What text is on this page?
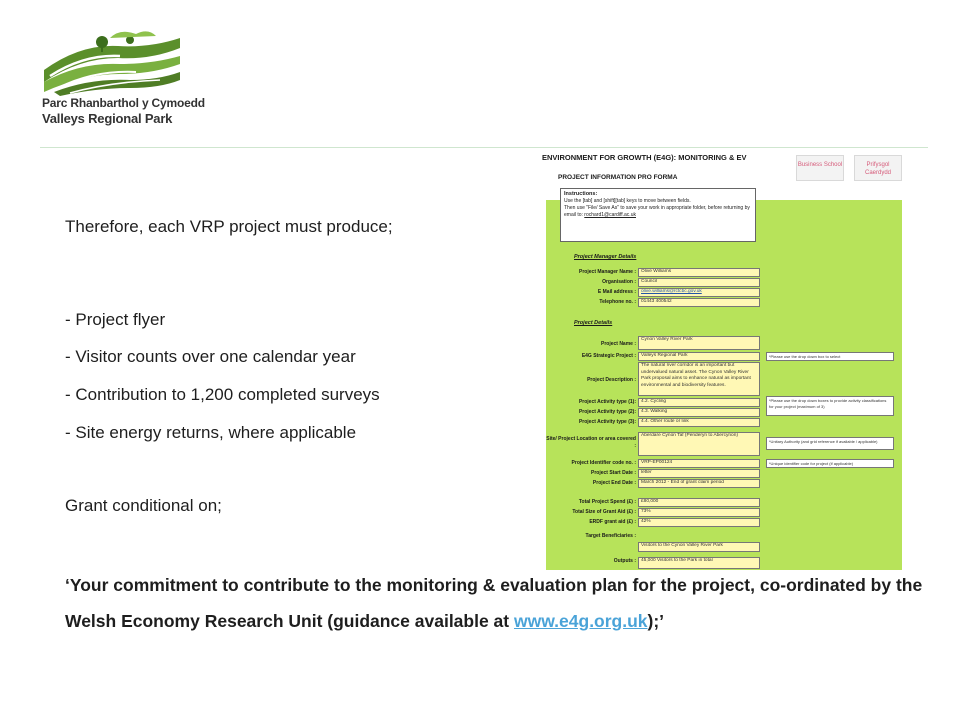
Parc Rhanbarthol y Cymoedd
Valleys Regional Park
Therefore, each VRP project must produce;
- Project flyer
- Visitor counts over one calendar year
- Contribution to 1,200 completed surveys
- Site energy returns, where applicable
Grant conditional on;
‘Your commitment to contribute to the monitoring & evaluation plan for the project, co-ordinated by the Welsh Economy Research Unit (guidance available at www.e4g.org.uk);’
ENVIRONMENT FOR GROWTH (E4G): MONITORING & EV
PROJECT INFORMATION PRO FORMA
Business School	Prifysgol Caerdydd
Instructions:
Use the [tab] and [shift][tab] keys to move between fields.
Then use "File/ Save As" to save your work in appropriate folder, before returning by email to: rochard1@cardiff.ac.uk
Project Manager Details
Project Manager Name :	Olive Williams
Organisation :	Council
E Mail address :	olive.williams@rctcbc.gov.uk
Telephone no. :	01443 400542
Project Details
Project Name :
Cynon Valley River Park
E4G Strategic Project :	Valleys Regional Park
Project Description :
The natural river corridor is an important but undervalued natural asset. The Cynon Valley River Park proposal aims to enhance natural as important environmental and biodiversity features.
Project Activity type (1):	4.2. Cycling
Project Activity type (2):	4.3. Walking
Project Activity type (3):	4.4. Other route or link
Site/ Project Location or area covered :
Aberdare Cynon Taf (Penderyn to Abercynon)
Project Identifier code no. :	VRP-EP00124
Project Start Date :	letter
Project End Date :	March 2012 - End of grant claim period
Total Project Spend (£) :	£80,000
Total Size of Grant Aid (£) :	73%
ERDF grant aid (£) :	42%
Target Beneficiaries :
Visitors to the Cynon Valley River Park
Outputs :	45,000 Visitors to the Park in total
*Please use the drop down box to select
*Please use the drop down boxes to provide activity classifications for your project (maximum of 3)
*Unitary Authority (and grid reference if available / applicable)
*Unique identifier code for project (if applicable)
